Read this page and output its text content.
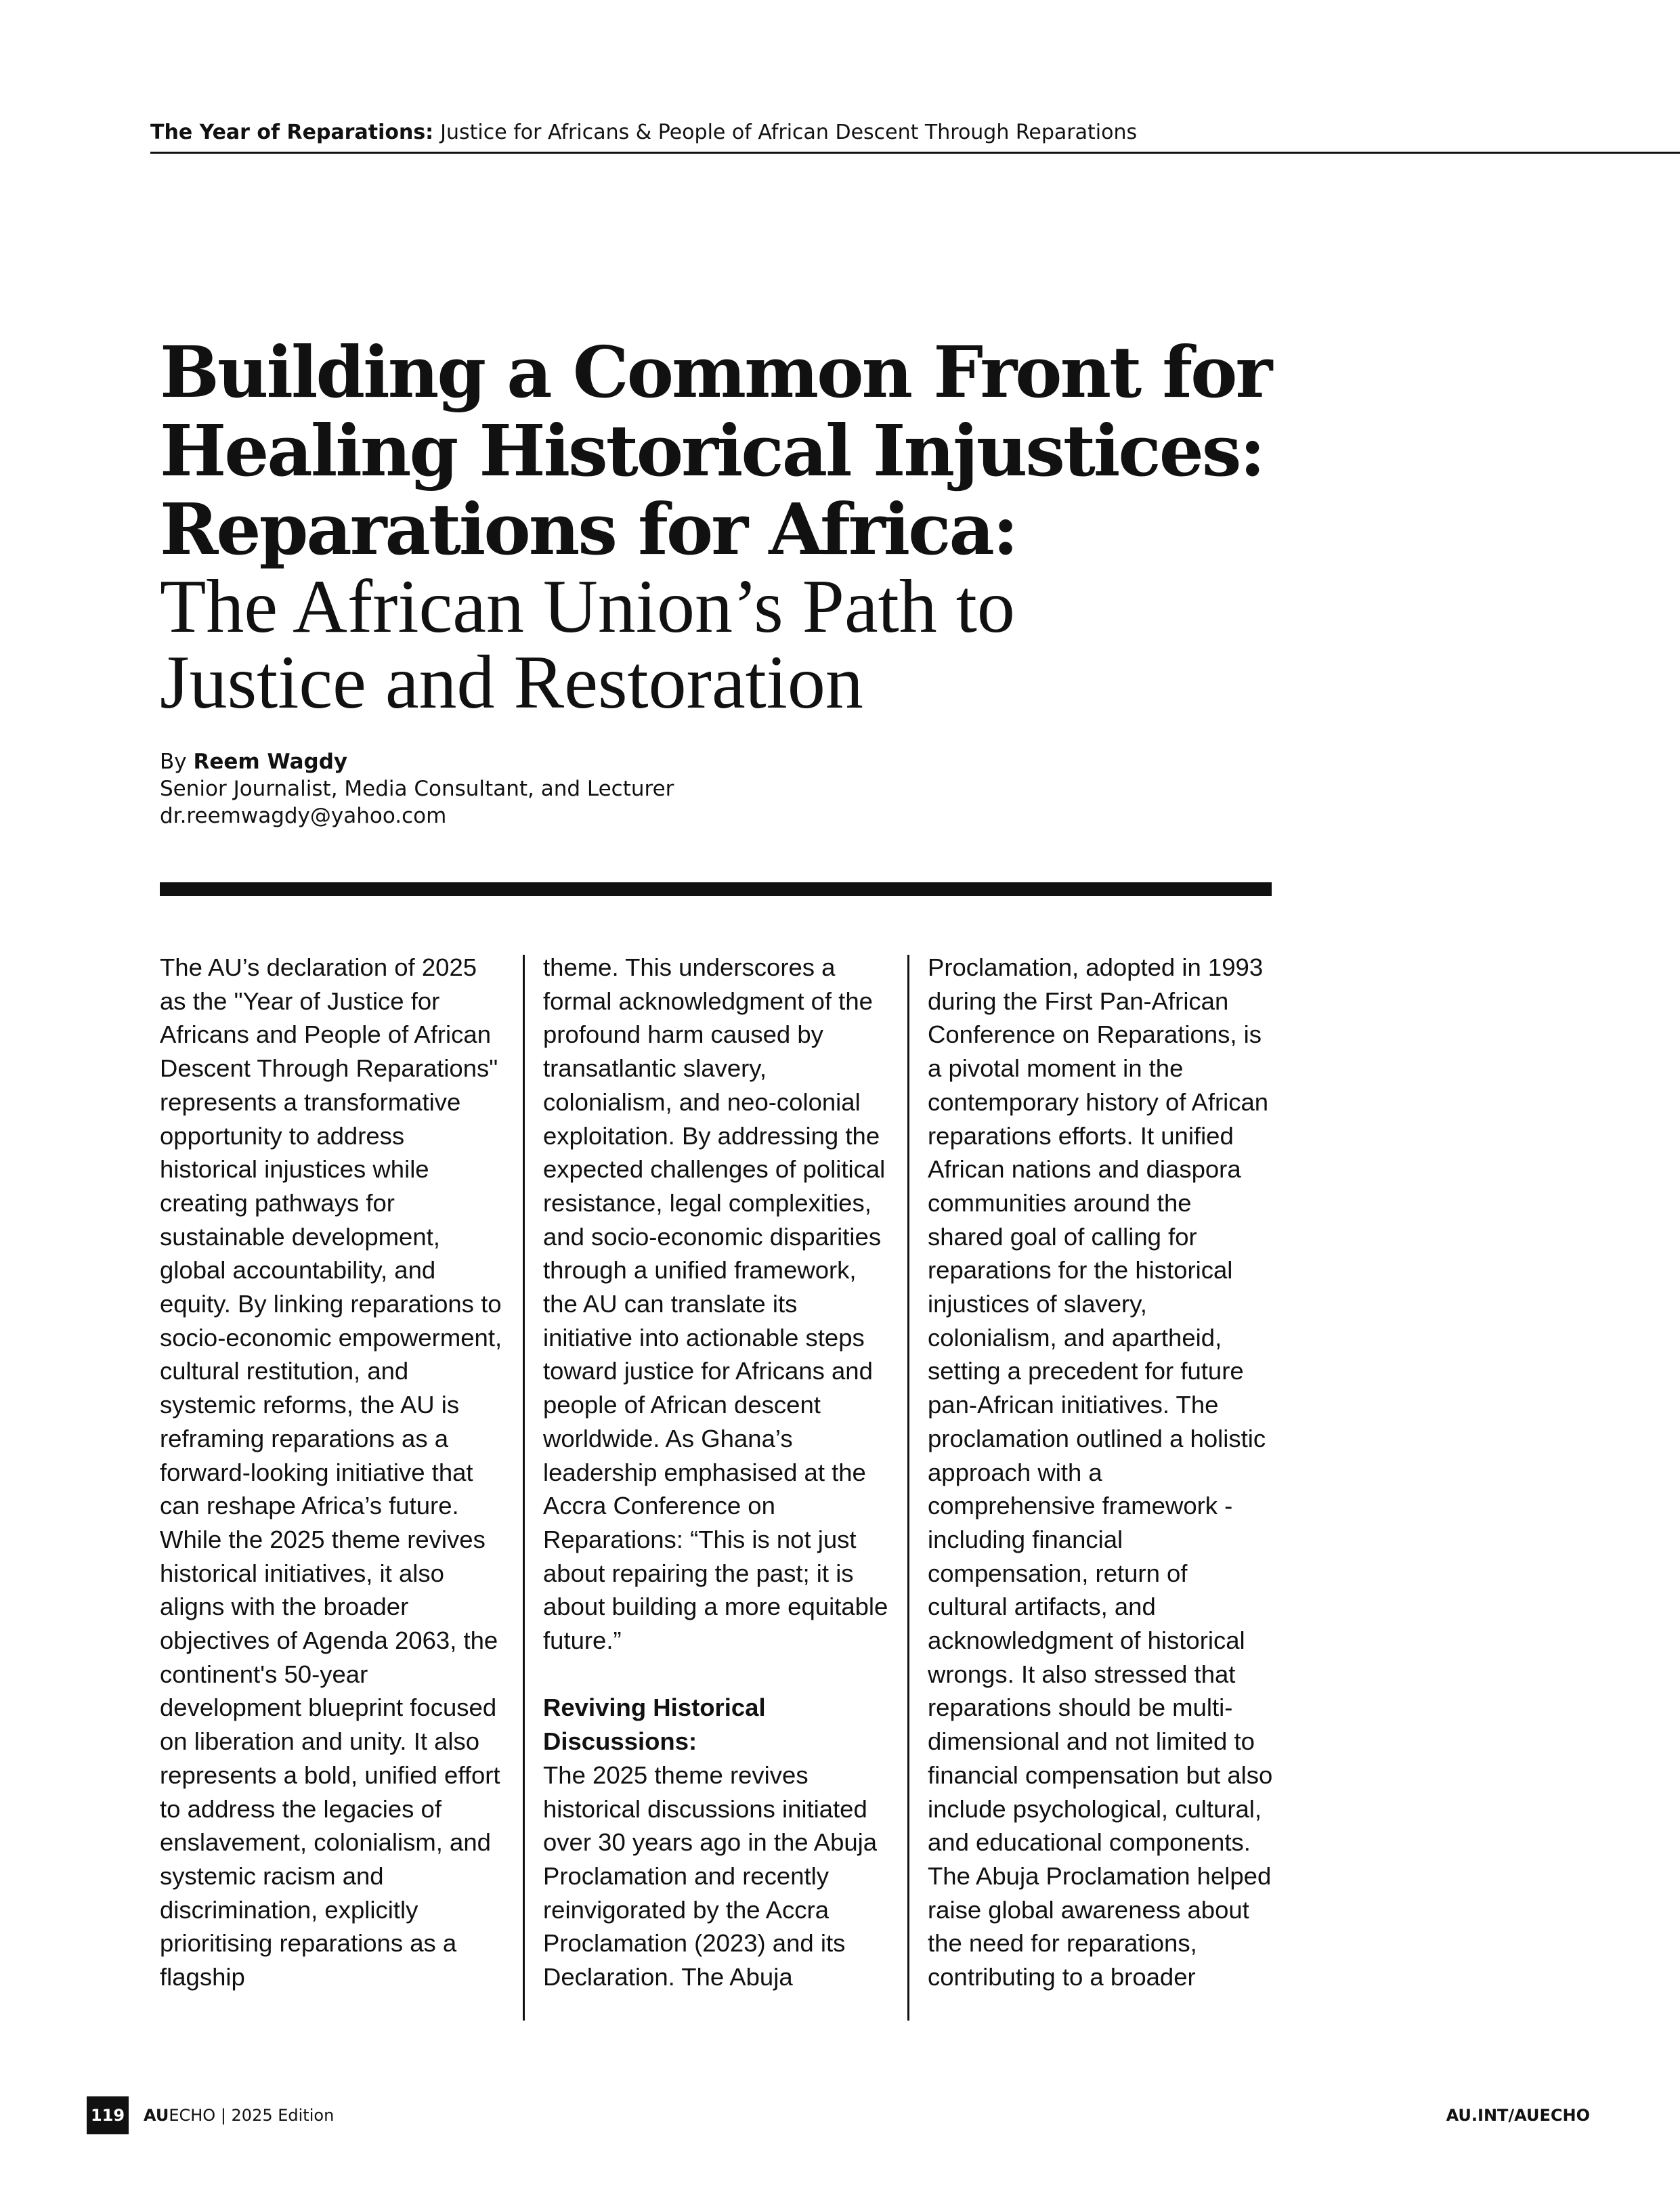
The Year of Reparations: Justice for Africans & People of African Descent Through Reparations

Building a Common Front for

Healing Historical Injustices:

Reparations for Africa:

The African Union’s Path to

Justice and Restoration

By Reem Wagdy
Senior Journalist, Media Consultant, and Lecturer
dr.reemwagdy@yahoo.com

The AU’s declaration of 2025 as the "Year of Justice for Africans and People of African Descent Through Reparations" represents a transformative opportunity to address historical injustices while creating pathways for sustainable development, global accountability, and equity. By linking reparations to socio-economic empowerment, cultural restitution, and systemic reforms, the AU is reframing reparations as a forward-looking initiative that can reshape Africa’s future. While the 2025 theme revives historical initiatives, it also aligns with the broader objectives of Agenda 2063, the continent's 50-year development blueprint focused on liberation and unity. It also represents a bold, unified effort to address the legacies of enslavement, colonialism, and systemic racism and discrimination, explicitly prioritising reparations as a flagship

theme. This underscores a formal acknowledgment of the profound harm caused by transatlantic slavery, colonialism, and neo-colonial exploitation. By addressing the expected challenges of political resistance, legal complexities, and socio-economic disparities through a unified framework, the AU can translate its initiative into actionable steps toward justice for Africans and people of African descent worldwide. As Ghana’s leadership emphasised at the Accra Conference on Reparations: “This is not just about repairing the past; it is about building a more equitable future.”

Reviving Historical Discussions:

The 2025 theme revives historical discussions initiated over 30 years ago in the Abuja Proclamation and recently reinvigorated by the Accra Proclamation (2023) and its Declaration. The Abuja

Proclamation, adopted in 1993 during the First Pan-African Conference on Reparations, is a pivotal moment in the contemporary history of African reparations efforts. It unified African nations and diaspora communities around the shared goal of calling for reparations for the historical injustices of slavery, colonialism, and apartheid, setting a precedent for future pan-African initiatives. The proclamation outlined a holistic approach with a comprehensive framework - including financial compensation, return of cultural artifacts, and acknowledgment of historical wrongs. It also stressed that reparations should be multi-dimensional and not limited to financial compensation but also include psychological, cultural, and educational components. The Abuja Proclamation helped raise global awareness about the need for reparations, contributing to a broader

119 AUECHO | 2025 Edition	AU.INT/AUECHO
